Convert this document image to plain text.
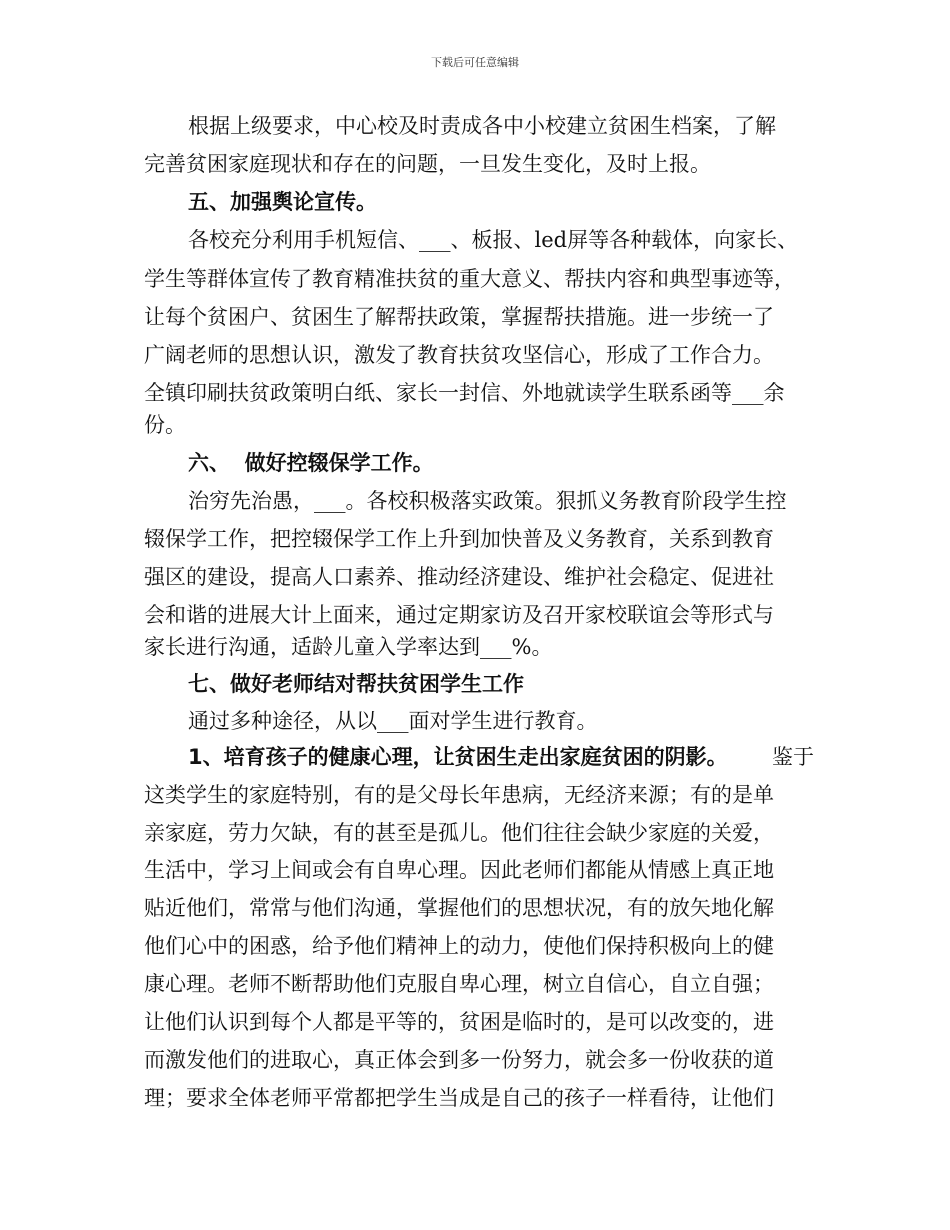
下载后可任意编辑
根据上级要求，中心校及时责成各中小校建立贫困生档案，了解
完善贫困家庭现状和存在的问题，一旦发生变化，及时上报。
五、加强舆论宣传。
各校充分利用手机短信、___、板报、led屏等各种载体，向家长、
学生等群体宣传了教育精准扶贫的重大意义、帮扶内容和典型事迹等，
让每个贫困户、贫困生了解帮扶政策，掌握帮扶措施。进一步统一了
广阔老师的思想认识，激发了教育扶贫攻坚信心，形成了工作合力。
全镇印刷扶贫政策明白纸、家长一封信、外地就读学生联系函等___余
份。
六、  做好控辍保学工作。
治穷先治愚，___。各校积极落实政策。狠抓义务教育阶段学生控
辍保学工作，把控辍保学工作上升到加快普及义务教育，关系到教育
强区的建设，提高人口素养、推动经济建设、维护社会稳定、促进社
会和谐的进展大计上面来，通过定期家访及召开家校联谊会等形式与
家长进行沟通，适龄儿童入学率达到___%。
七、做好老师结对帮扶贫困学生工作
通过多种途径，从以___面对学生进行教育。
1、培育孩子的健康心理，让贫困生走出家庭贫困的阴影。 鉴于
这类学生的家庭特别，有的是父母长年患病，无经济来源；有的是单
亲家庭，劳力欠缺，有的甚至是孤儿。他们往往会缺少家庭的关爱，
生活中，学习上间或会有自卑心理。因此老师们都能从情感上真正地
贴近他们，常常与他们沟通，掌握他们的思想状况，有的放矢地化解
他们心中的困惑，给予他们精神上的动力，使他们保持积极向上的健
康心理。老师不断帮助他们克服自卑心理，树立自信心，自立自强；
让他们认识到每个人都是平等的，贫困是临时的，是可以改变的，进
而激发他们的进取心，真正体会到多一份努力，就会多一份收获的道
理；要求全体老师平常都把学生当成是自己的孩子一样看待，让他们
